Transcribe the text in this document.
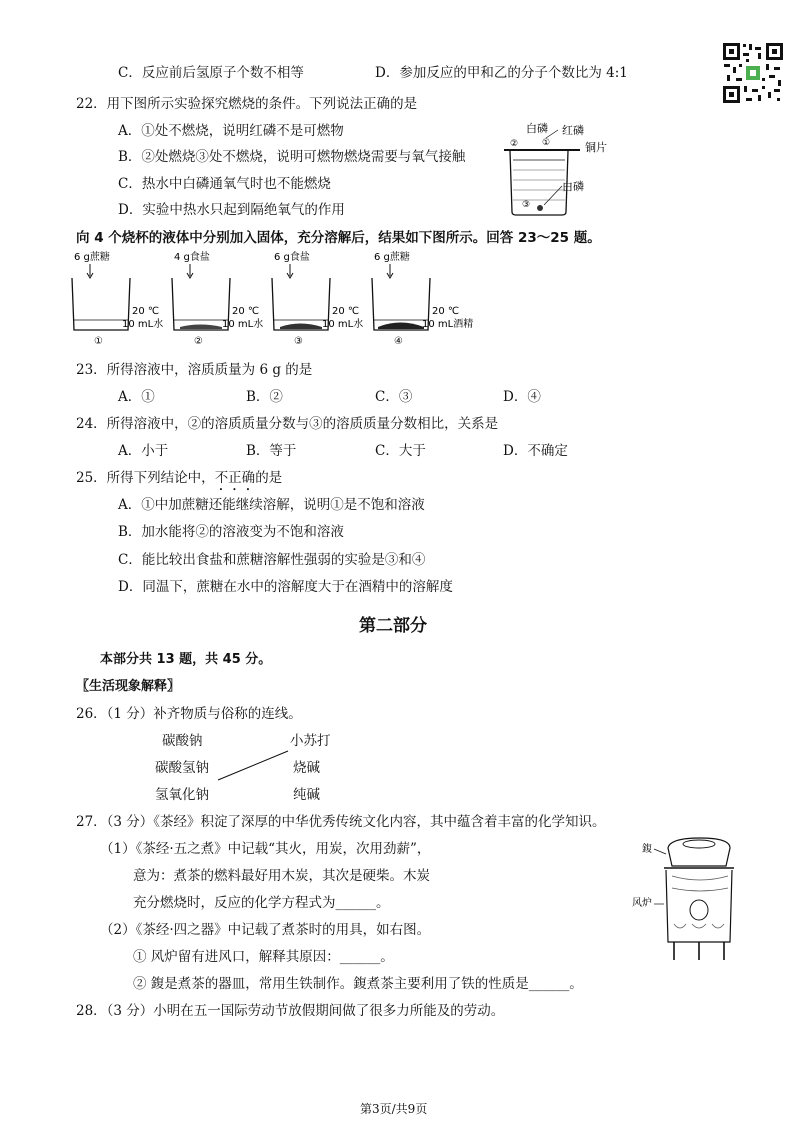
C．反应前后氢原子个数不相等	D．参加反应的甲和乙的分子个数比为 4:1
22．用下图所示实验探究燃烧的条件。下列说法正确的是
A．①处不燃烧，说明红磷不是可燃物
B．②处燃烧③处不燃烧，说明可燃物燃烧需要与氧气接触
C．热水中白磷通氧气时也不能燃烧
D．实验中热水只起到隔绝氧气的作用
白磷 红磷
铜片
白磷
②	①
③
向 4 个烧杯的液体中分别加入固体，充分溶解后，结果如下图所示。回答 23～25 题。
6 g蔗糖
20 ℃
10 mL水
①
4 g食盐
20 ℃
10 mL水
②
6 g食盐
20 ℃
10 mL水
③
6 g蔗糖
20 ℃
10 mL酒精
④
23．所得溶液中，溶质质量为 6 g 的是
A．①	B．②	C．③	D．④
24．所得溶液中，②的溶质质量分数与③的溶质质量分数相比，关系是
A．小于	B．等于	C．大于	D．不确定
25．所得下列结论中，不正确的是
A．①中加蔗糖还能继续溶解，说明①是不饱和溶液
B．加水能将②的溶液变为不饱和溶液
C．能比较出食盐和蔗糖溶解性强弱的实验是③和④
D．同温下，蔗糖在水中的溶解度大于在酒精中的溶解度
第二部分
本部分共 13 题，共 45 分。
〖生活现象解释〗
26．（1 分）补齐物质与俗称的连线。
碳酸钠
碳酸氢钠
氢氧化钠
小苏打
烧碱
纯碱
27．（3 分）《茶经》积淀了深厚的中华优秀传统文化内容，其中蕴含着丰富的化学知识。
（1）《茶经·五之煮》中记载“其火，用炭，次用劲薪”，
意为：煮茶的燃料最好用木炭，其次是硬柴。木炭
充分燃烧时，反应的化学方程式为______。
（2）《茶经·四之器》中记载了煮茶时的用具，如右图。
① 风炉留有进风口，解释其原因：______。
② 鍑是煮茶的器皿，常用生铁制作。鍑煮茶主要利用了铁的性质是______。
鍑
风炉
28．（3 分）小明在五一国际劳动节放假期间做了很多力所能及的劳动。
第3页/共9页
